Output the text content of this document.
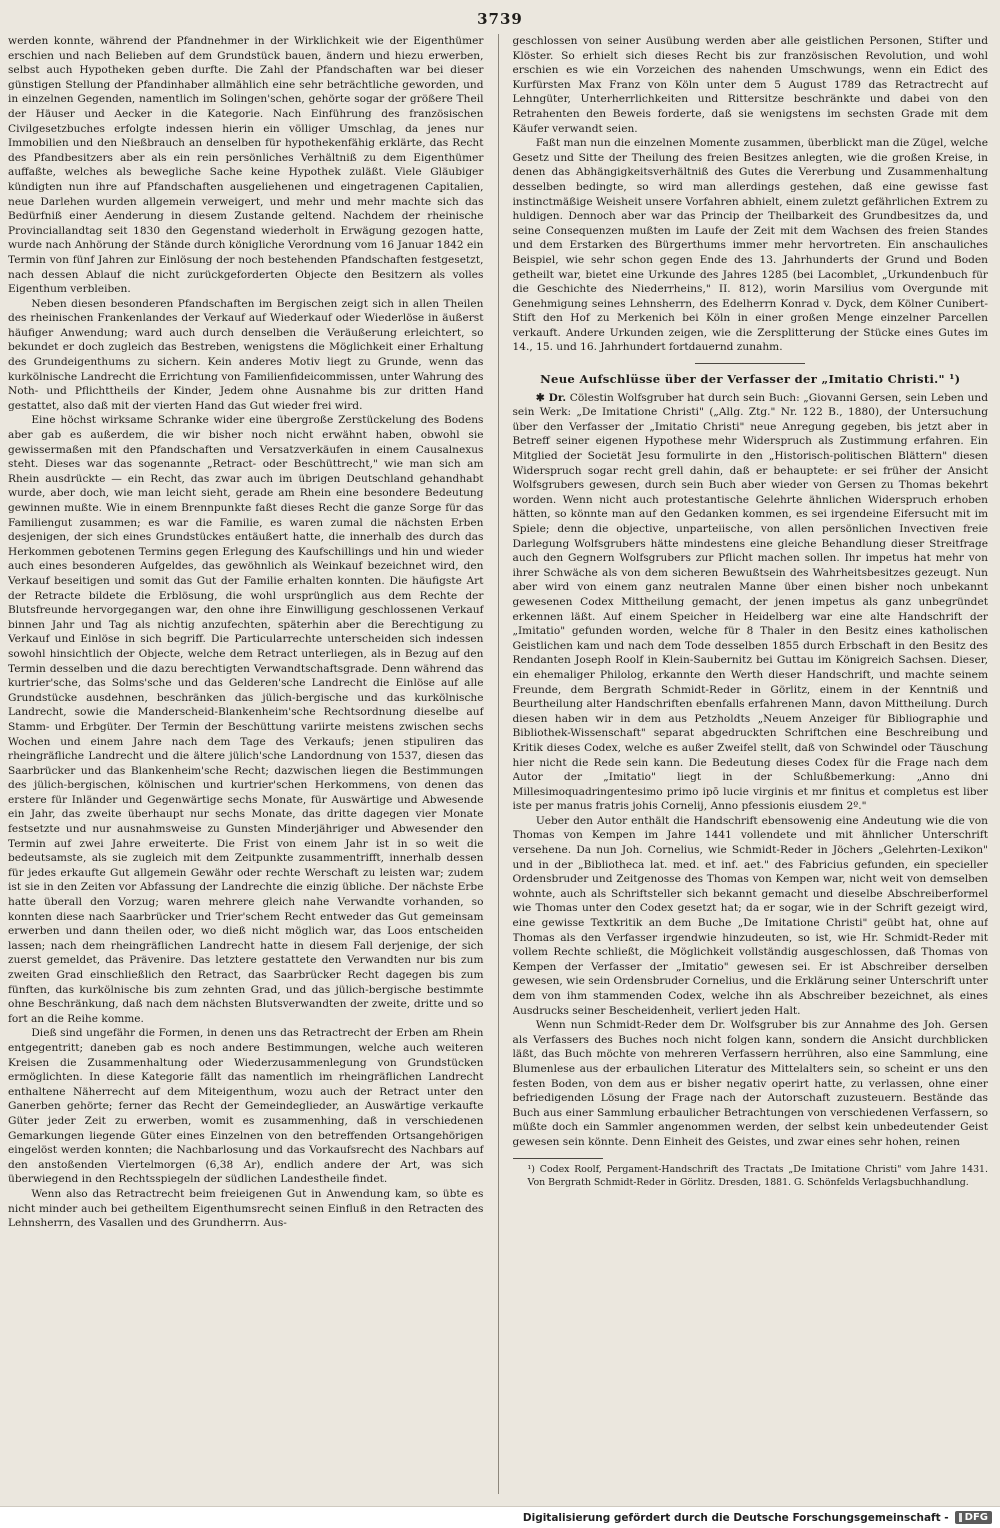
3739

werden konnte, während der Pfandnehmer in der Wirklichkeit wie der Eigenthümer erschien und nach Belieben auf dem Grundstück bauen, ändern und hiezu erwerben, selbst auch Hypotheken geben durfte. Die Zahl der Pfandschaften war bei dieser günstigen Stellung der Pfandinhaber allmählich eine sehr beträchtliche geworden, und in einzelnen Gegenden, namentlich im Solingen'schen, gehörte sogar der größere Theil der Häuser und Aecker in die Kategorie. Nach Einführung des französischen Civilgesetzbuches erfolgte indessen hierin ein völliger Umschlag, da jenes nur Immobilien und den Nießbrauch an denselben für hypothekenfähig erklärte, das Recht des Pfandbesitzers aber als ein rein persönliches Verhältniß zu dem Eigenthümer auffaßte, welches als bewegliche Sache keine Hypothek zuläßt. Viele Gläubiger kündigten nun ihre auf Pfandschaften ausgeliehenen und eingetragenen Capitalien, neue Darlehen wurden allgemein verweigert, und mehr und mehr machte sich das Bedürfniß einer Aenderung in diesem Zustande geltend. Nachdem der rheinische Provinciallandtag seit 1830 den Gegenstand wiederholt in Erwägung gezogen hatte, wurde nach Anhörung der Stände durch königliche Verordnung vom 16 Januar 1842 ein Termin von fünf Jahren zur Einlösung der noch bestehenden Pfandschaften festgesetzt, nach dessen Ablauf die nicht zurückgeforderten Objecte den Besitzern als volles Eigenthum verbleiben.

Neben diesen besonderen Pfandschaften im Bergischen zeigt sich in allen Theilen des rheinischen Frankenlandes der Verkauf auf Wiederkauf oder Wiederlöse in äußerst häufiger Anwendung; ward auch durch denselben die Veräußerung erleichtert, so bekundet er doch zugleich das Bestreben, wenigstens die Möglichkeit einer Erhaltung des Grundeigenthums zu sichern. Kein anderes Motiv liegt zu Grunde, wenn das kurkölnische Landrecht die Errichtung von Familienfideicommissen, unter Wahrung des Noth- und Pflichttheils der Kinder, Jedem ohne Ausnahme bis zur dritten Hand gestattet, also daß mit der vierten Hand das Gut wieder frei wird.

Eine höchst wirksame Schranke wider eine übergroße Zerstückelung des Bodens aber gab es außerdem, die wir bisher noch nicht erwähnt haben, obwohl sie gewissermaßen mit den Pfandschaften und Versatzverkäufen in einem Causalnexus steht. Dieses war das sogenannte „Retract- oder Beschüttrecht," wie man sich am Rhein ausdrückte — ein Recht, das zwar auch im übrigen Deutschland gehandhabt wurde, aber doch, wie man leicht sieht, gerade am Rhein eine besondere Bedeutung gewinnen mußte. Wie in einem Brennpunkte faßt dieses Recht die ganze Sorge für das Familiengut zusammen; es war die Familie, es waren zumal die nächsten Erben desjenigen, der sich eines Grundstückes entäußert hatte, die innerhalb des durch das Herkommen gebotenen Termins gegen Erlegung des Kaufschillings und hin und wieder auch eines besonderen Aufgeldes, das gewöhnlich als Weinkauf bezeichnet wird, den Verkauf beseitigen und somit das Gut der Familie erhalten konnten. Die häufigste Art der Retracte bildete die Erblösung, die wohl ursprünglich aus dem Rechte der Blutsfreunde hervorgegangen war, den ohne ihre Einwilligung geschlossenen Verkauf binnen Jahr und Tag als nichtig anzufechten, späterhin aber die Berechtigung zu Verkauf und Einlöse in sich begriff. Die Particularrechte unterscheiden sich indessen sowohl hinsichtlich der Objecte, welche dem Retract unterliegen, als in Bezug auf den Termin desselben und die dazu berechtigten Verwandtschaftsgrade. Denn während das kurtrier'sche, das Solms'sche und das Gelderen'sche Landrecht die Einlöse auf alle Grundstücke ausdehnen, beschränken das jülich-bergische und das kurkölnische Landrecht, sowie die Manderscheid-Blankenheim'sche Rechtsordnung dieselbe auf Stamm- und Erbgüter. Der Termin der Beschüttung variirte meistens zwischen sechs Wochen und einem Jahre nach dem Tage des Verkaufs; jenen stipuliren das rheingräfliche Landrecht und die ältere jülich'sche Landordnung von 1537, diesen das Saarbrücker und das Blankenheim'sche Recht; dazwischen liegen die Bestimmungen des jülich-bergischen, kölnischen und kurtrier'schen Herkommens, von denen das erstere für Inländer und Gegenwärtige sechs Monate, für Auswärtige und Abwesende ein Jahr, das zweite überhaupt nur sechs Monate, das dritte dagegen vier Monate festsetzte und nur ausnahmsweise zu Gunsten Minderjähriger und Abwesender den Termin auf zwei Jahre erweiterte. Die Frist von einem Jahr ist in so weit die bedeutsamste, als sie zugleich mit dem Zeitpunkte zusammentrifft, innerhalb dessen für jedes erkaufte Gut allgemein Gewähr oder rechte Werschaft zu leisten war; zudem ist sie in den Zeiten vor Abfassung der Landrechte die einzig übliche. Der nächste Erbe hatte überall den Vorzug; waren mehrere gleich nahe Verwandte vorhanden, so konnten diese nach Saarbrücker und Trier'schem Recht entweder das Gut gemeinsam erwerben und dann theilen oder, wo dieß nicht möglich war, das Loos entscheiden lassen; nach dem rheingräflichen Landrecht hatte in diesem Fall derjenige, der sich zuerst gemeldet, das Prävenire. Das letztere gestattete den Verwandten nur bis zum zweiten Grad einschließlich den Retract, das Saarbrücker Recht dagegen bis zum fünften, das kurkölnische bis zum zehnten Grad, und das jülich-bergische bestimmte ohne Beschränkung, daß nach dem nächsten Blutsverwandten der zweite, dritte und so fort an die Reihe komme.

Dieß sind ungefähr die Formen, in denen uns das Retractrecht der Erben am Rhein entgegentritt; daneben gab es noch andere Bestimmungen, welche auch weiteren Kreisen die Zusammenhaltung oder Wiederzusammenlegung von Grundstücken ermöglichten. In diese Kategorie fällt das namentlich im rheingräflichen Landrecht enthaltene Näherrecht auf dem Miteigenthum, wozu auch der Retract unter den Ganerben gehörte; ferner das Recht der Gemeindeglieder, an Auswärtige verkaufte Güter jeder Zeit zu erwerben, womit es zusammenhing, daß in verschiedenen Gemarkungen liegende Güter eines Einzelnen von den betreffenden Ortsangehörigen eingelöst werden konnten; die Nachbarlosung und das Vorkaufsrecht des Nachbars auf den anstoßenden Viertelmorgen (6,38 Ar), endlich andere der Art, was sich überwiegend in den Rechtsspiegeln der südlichen Landestheile findet.

Wenn also das Retractrecht beim freieigenen Gut in Anwendung kam, so übte es nicht minder auch bei getheiltem Eigenthumsrecht seinen Einfluß in den Retracten des Lehnsherrn, des Vasallen und des Grundherrn. Aus-

geschlossen von seiner Ausübung werden aber alle geistlichen Personen, Stifter und Klöster. So erhielt sich dieses Recht bis zur französischen Revolution, und wohl erschien es wie ein Vorzeichen des nahenden Umschwungs, wenn ein Edict des Kurfürsten Max Franz von Köln unter dem 5 August 1789 das Retractrecht auf Lehngüter, Unterherrlichkeiten und Rittersitze beschränkte und dabei von den Retrahenten den Beweis forderte, daß sie wenigstens im sechsten Grade mit dem Käufer verwandt seien.

Faßt man nun die einzelnen Momente zusammen, überblickt man die Zügel, welche Gesetz und Sitte der Theilung des freien Besitzes anlegten, wie die großen Kreise, in denen das Abhängigkeitsverhältniß des Gutes die Vererbung und Zusammenhaltung desselben bedingte, so wird man allerdings gestehen, daß eine gewisse fast instinctmäßige Weisheit unsere Vorfahren abhielt, einem zuletzt gefährlichen Extrem zu huldigen. Dennoch aber war das Princip der Theilbarkeit des Grundbesitzes da, und seine Consequenzen mußten im Laufe der Zeit mit dem Wachsen des freien Standes und dem Erstarken des Bürgerthums immer mehr hervortreten. Ein anschauliches Beispiel, wie sehr schon gegen Ende des 13. Jahrhunderts der Grund und Boden getheilt war, bietet eine Urkunde des Jahres 1285 (bei Lacomblet, „Urkundenbuch für die Geschichte des Niederrheins," II. 812), worin Marsilius vom Overgunde mit Genehmigung seines Lehnsherrn, des Edelherrn Konrad v. Dyck, dem Kölner Cunibert-Stift den Hof zu Merkenich bei Köln in einer großen Menge einzelner Parcellen verkauft. Andere Urkunden zeigen, wie die Zersplitterung der Stücke eines Gutes im 14., 15. und 16. Jahrhundert fortdauernd zunahm.

Neue Aufschlüsse über der Verfasser der „Imitatio Christi." ¹)

✱ Dr. Cölestin Wolfsgruber hat durch sein Buch: „Giovanni Gersen, sein Leben und sein Werk: „De Imitatione Christi" („Allg. Ztg." Nr. 122 B., 1880), der Untersuchung über den Verfasser der „Imitatio Christi" neue Anregung gegeben, bis jetzt aber in Betreff seiner eigenen Hypothese mehr Widerspruch als Zustimmung erfahren. Ein Mitglied der Societät Jesu formulirte in den „Historisch-politischen Blättern" diesen Widerspruch sogar recht grell dahin, daß er behauptete: er sei früher der Ansicht Wolfsgrubers gewesen, durch sein Buch aber wieder von Gersen zu Thomas bekehrt worden. Wenn nicht auch protestantische Gelehrte ähnlichen Widerspruch erhoben hätten, so könnte man auf den Gedanken kommen, es sei irgendeine Eifersucht mit im Spiele; denn die objective, unparteiische, von allen persönlichen Invectiven freie Darlegung Wolfsgrubers hätte mindestens eine gleiche Behandlung dieser Streitfrage auch den Gegnern Wolfsgrubers zur Pflicht machen sollen. Ihr impetus hat mehr von ihrer Schwäche als von dem sicheren Bewußtsein des Wahrheitsbesitzes gezeugt. Nun aber wird von einem ganz neutralen Manne über einen bisher noch unbekannt gewesenen Codex Mittheilung gemacht, der jenen impetus als ganz unbegründet erkennen läßt. Auf einem Speicher in Heidelberg war eine alte Handschrift der „Imitatio" gefunden worden, welche für 8 Thaler in den Besitz eines katholischen Geistlichen kam und nach dem Tode desselben 1855 durch Erbschaft in den Besitz des Rendanten Joseph Roolf in Klein-Saubernitz bei Guttau im Königreich Sachsen. Dieser, ein ehemaliger Philolog, erkannte den Werth dieser Handschrift, und machte seinem Freunde, dem Bergrath Schmidt-Reder in Görlitz, einem in der Kenntniß und Beurtheilung alter Handschriften ebenfalls erfahrenen Mann, davon Mittheilung. Durch diesen haben wir in dem aus Petzholdts „Neuem Anzeiger für Bibliographie und Bibliothek-Wissenschaft" separat abgedruckten Schriftchen eine Beschreibung und Kritik dieses Codex, welche es außer Zweifel stellt, daß von Schwindel oder Täuschung hier nicht die Rede sein kann. Die Bedeutung dieses Codex für die Frage nach dem Autor der „Imitatio" liegt in der Schlußbemerkung: „Anno dni Millesimoquadringentesimo primo ipō lucie virginis et mr finitus et completus est liber iste per manus fratris johis Cornelij, Anno pfessionis eiusdem 2º."

Ueber den Autor enthält die Handschrift ebensowenig eine Andeutung wie die von Thomas von Kempen im Jahre 1441 vollendete und mit ähnlicher Unterschrift versehene. Da nun Joh. Cornelius, wie Schmidt-Reder in Jöchers „Gelehrten-Lexikon" und in der „Bibliotheca lat. med. et inf. aet." des Fabricius gefunden, ein specieller Ordensbruder und Zeitgenosse des Thomas von Kempen war, nicht weit von demselben wohnte, auch als Schriftsteller sich bekannt gemacht und dieselbe Abschreiberformel wie Thomas unter den Codex gesetzt hat; da er sogar, wie in der Schrift gezeigt wird, eine gewisse Textkritik an dem Buche „De Imitatione Christi" geübt hat, ohne auf Thomas als den Verfasser irgendwie hinzudeuten, so ist, wie Hr. Schmidt-Reder mit vollem Rechte schließt, die Möglichkeit vollständig ausgeschlossen, daß Thomas von Kempen der Verfasser der „Imitatio" gewesen sei. Er ist Abschreiber derselben gewesen, wie sein Ordensbruder Cornelius, und die Erklärung seiner Unterschrift unter dem von ihm stammenden Codex, welche ihn als Abschreiber bezeichnet, als eines Ausdrucks seiner Bescheidenheit, verliert jeden Halt.

Wenn nun Schmidt-Reder dem Dr. Wolfsgruber bis zur Annahme des Joh. Gersen als Verfassers des Buches noch nicht folgen kann, sondern die Ansicht durchblicken läßt, das Buch möchte von mehreren Verfassern herrühren, also eine Sammlung, eine Blumenlese aus der erbaulichen Literatur des Mittelalters sein, so scheint er uns den festen Boden, von dem aus er bisher negativ operirt hatte, zu verlassen, ohne einer befriedigenden Lösung der Frage nach der Autorschaft zuzusteuern. Bestände das Buch aus einer Sammlung erbaulicher Betrachtungen von verschiedenen Verfassern, so müßte doch ein Sammler angenommen werden, der selbst kein unbedeutender Geist gewesen sein könnte. Denn Einheit des Geistes, und zwar eines sehr hohen, reinen

¹) Codex Roolf, Pergament-Handschrift des Tractats „De Imitatione Christi" vom Jahre 1431. Von Bergrath Schmidt-Reder in Görlitz. Dresden, 1881. G. Schönfelds Verlagsbuchhandlung.

Digitalisierung gefördert durch die Deutsche Forschungsgemeinschaft - DFG
